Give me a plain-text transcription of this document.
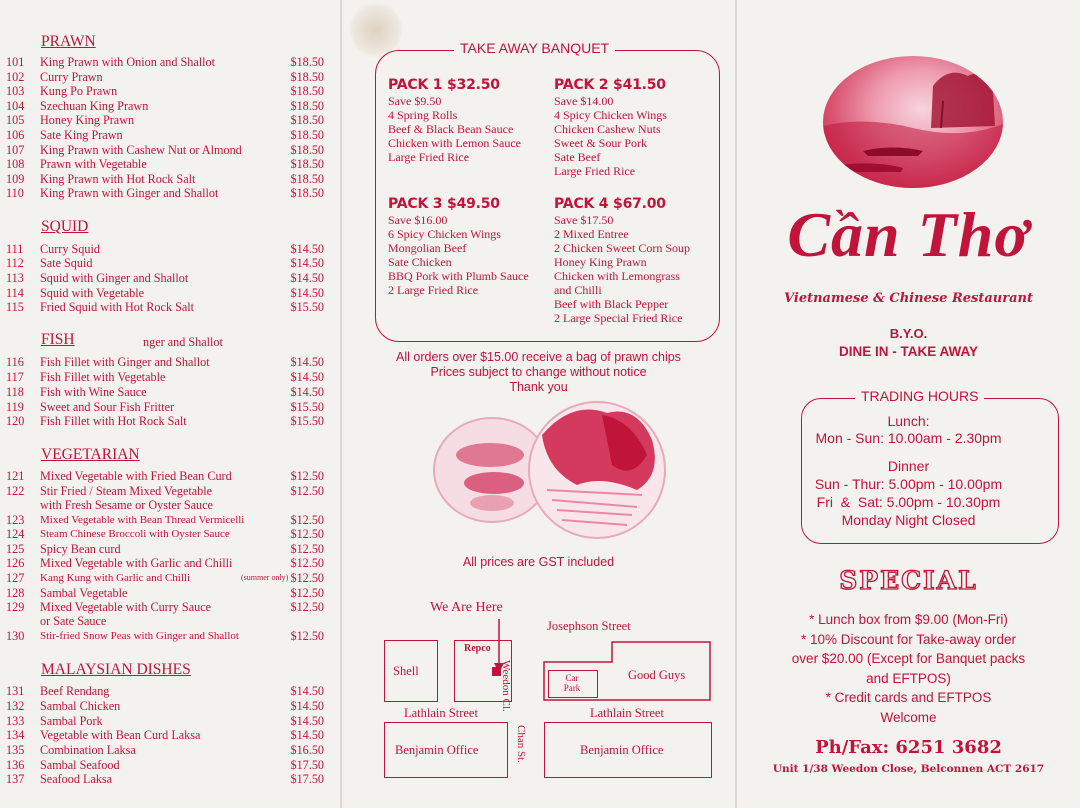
PRAWN
101 King Prawn with Onion and Shallot	$18.50
102 Curry Prawn	$18.50
103 Kung Po Prawn	$18.50
104 Szechuan King Prawn	$18.50
105 Honey King Prawn	$18.50
106 Sate King Prawn	$18.50
107 King Prawn with Cashew Nut or Almond	$18.50
108 Prawn with Vegetable	$18.50
109 King Prawn with Hot Rock Salt	$18.50
110 King Prawn with Ginger and Shallot	$18.50
SQUID
111 Curry Squid	$14.50
112 Sate Squid	$14.50
113 Squid with Ginger and Shallot	$14.50
114 Squid with Vegetable	$14.50
115 Fried Squid with Hot Rock Salt	$15.50
FISH	nger and Shallot
116 Fish Fillet with Ginger and Shallot	$14.50
117 Fish Fillet with Vegetable	$14.50
118 Fish with Wine Sauce	$14.50
119 Sweet and Sour Fish Fritter	$15.50
120 Fish Fillet with Hot Rock Salt	$15.50
VEGETARIAN
121 Mixed Vegetable with Fried Bean Curd	$12.50
122 Stir Fried / Steam Mixed Vegetable	$12.50
with Fresh Sesame or Oyster Sauce
123 Mixed Vegetable with Bean Thread Vermicelli	$12.50
124 Steam Chinese Broccoli with Oyster Sauce	$12.50
125 Spicy Bean curd	$12.50
126 Mixed Vegetable with Garlic and Chilli	$12.50
127 Kang Kung with Garlic and Chilli	(summer only) $12.50
128 Sambal Vegetable	$12.50
129 Mixed Vegetable with Curry Sauce	$12.50
or Sate Sauce
130 Stir-fried Snow Peas with Ginger and Shallot	$12.50
MALAYSIAN DISHES
131 Beef Rendang	$14.50
132 Sambal Chicken	$14.50
133 Sambal Pork	$14.50
134 Vegetable with Bean Curd Laksa	$14.50
135 Combination Laksa	$16.50
136 Sambal Seafood	$17.50
137 Seafood Laksa	$17.50
TAKE AWAY BANQUET
PACK 1 $32.50
Save $9.50
4 Spring Rolls
Beef & Black Bean Sauce
Chicken with Lemon Sauce
Large Fried Rice
PACK 2 $41.50
Save $14.00
4 Spicy Chicken Wings
Chicken Cashew Nuts
Sweet & Sour Pork
Sate Beef
Large Fried Rice
PACK 3 $49.50
Save $16.00
6 Spicy Chicken Wings
Mongolian Beef
Sate Chicken
BBQ Pork with Plumb Sauce
2 Large Fried Rice
PACK 4 $67.00
Save $17.50
2 Mixed Entree
2 Chicken Sweet Corn Soup
Honey King Prawn
Chicken with Lemongrass
and Chilli
Beef with Black Pepper
2 Large Special Fried Rice
All orders over $15.00 receive a bag of prawn chips
Prices subject to change without notice
Thank you
All prices are GST included
We Are Here
Josephson Street
Shell
Repco
Weedon Cl.	Car Park
Good Guys
Lathlain Street	Lathlain Street
Chan St.
Benjamin Office	Benjamin Office
Cần Thơ
Vietnamese & Chinese Restaurant
B.Y.O.
DINE IN - TAKE AWAY
TRADING HOURS
Lunch:
Mon - Sun: 10.00am - 2.30pm
Dinner
Sun - Thur: 5.00pm - 10.00pm
Fri  &  Sat: 5.00pm - 10.30pm
Monday Night Closed
SPECIAL
* Lunch box from $9.00 (Mon-Fri)
* 10% Discount for Take-away order
over $20.00 (Except for Banquet packs
and EFTPOS)
* Credit cards and EFTPOS
Welcome
Ph/Fax: 6251 3682
Unit 1/38 Weedon Close, Belconnen ACT 2617
